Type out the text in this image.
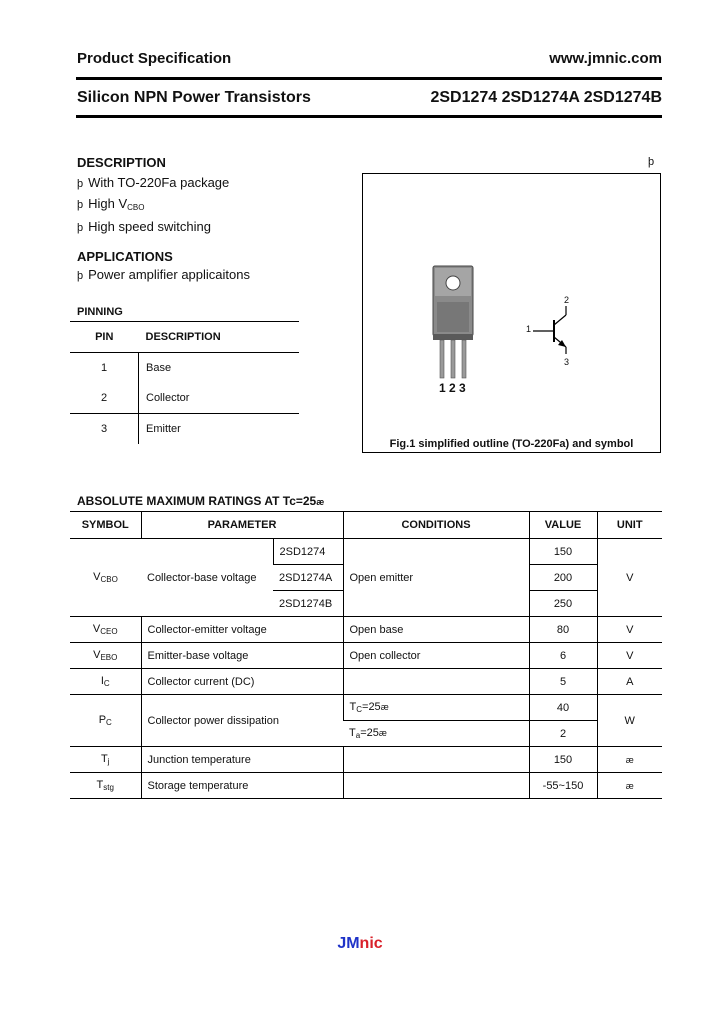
Product Specification	www.jmnic.com
Silicon NPN Power Transistors	2SD1274 2SD1274A 2SD1274B
DESCRIPTION
þ With TO-220Fa package
þ High $V_{CBO}$
þ High speed switching
APPLICATIONS
þ Power amplifier applicaitons
PINNING
PIN	DESCRIPTION
1	Base
2	Collector
3	Emitter
þ
1 2 3
1
2
3
Fig.1 simplified outline (TO-220Fa) and symbol
ABSOLUTE MAXIMUM RATINGS AT Tc=25æ
SYMBOL	PARAMETER		CONDITIONS	VALUE	UNIT
$V_{CBO}$	Collector-base voltage	2SD1274	Open emitter	150	V
		2SD1274A		200	
		2SD1274B		250	
$V_{CEO}$	Collector-emitter voltage		Open base	80	V
$V_{EBO}$	Emitter-base voltage		Open collector	6	V
$I_C$	Collector current (DC)			5	A
$P_C$	Collector power dissipation		$T_C=25æ$	40	W
			$T_a=25æ$	2	
$T_j$	Junction temperature			150	æ
$T_{stg}$	Storage temperature			-55~150	æ
JMnic
